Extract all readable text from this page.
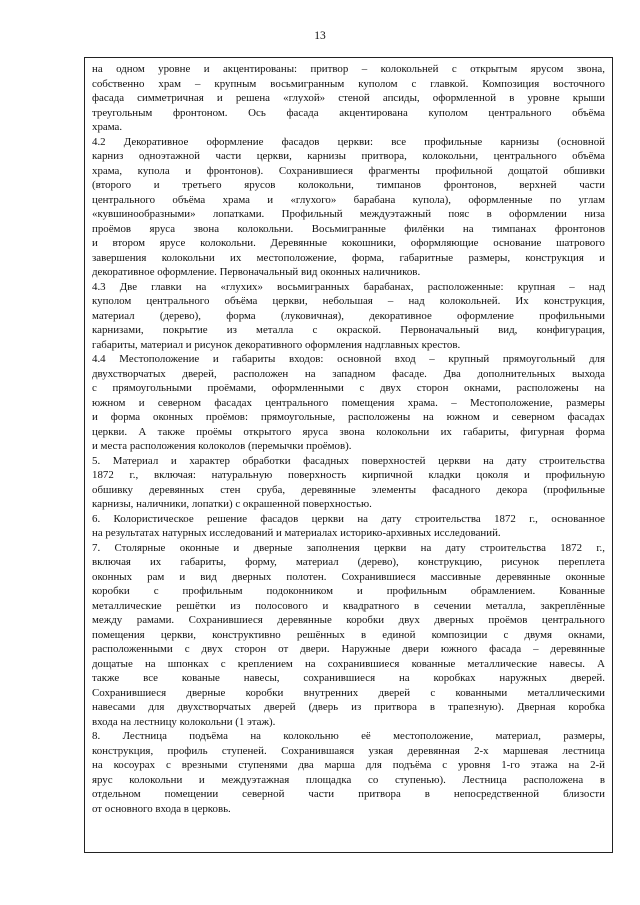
13
на одном уровне и акцентированы: притвор – колокольней с открытым ярусом звона,
собственно храм – крупным восьмигранным куполом с главкой. Композиция восточного
фасада симметричная и решена «глухой» стеной апсиды, оформленной в уровне крыши
треугольным фронтоном. Ось фасада акцентирована куполом центрального объёма
храма.
4.2 Декоративное оформление фасадов церкви: все профильные карнизы (основной
карниз одноэтажной части церкви, карнизы притвора, колокольни, центрального объёма
храма, купола и фронтонов). Сохранившиеся фрагменты профильной дощатой обшивки
(второго и третьего ярусов колокольни, тимпанов фронтонов, верхней части
центрального объёма храма и «глухого» барабана купола), оформленные по углам
«кувшинообразными» лопатками. Профильный междуэтажный пояс в оформлении низа
проёмов яруса звона колокольни. Восьмигранные филёнки на тимпанах фронтонов
и втором ярусе колокольни. Деревянные кокошники, оформляющие основание шатрового
завершения колокольни их местоположение, форма, габаритные размеры, конструкция и
декоративное оформление. Первоначальный вид оконных наличников.
4.3 Две главки на «глухих» восьмигранных барабанах, расположенные: крупная – над
куполом центрального объёма церкви, небольшая – над колокольней. Их конструкция,
материал (дерево), форма (луковичная), декоративное оформление профильными
карнизами, покрытие из металла с окраской. Первоначальный вид, конфигурация,
габариты, материал и рисунок декоративного оформления надглавных крестов.
4.4 Местоположение и габариты входов: основной вход – крупный прямоугольный для
двухстворчатых дверей, расположен на западном фасаде. Два дополнительных выхода
с прямоугольными проёмами, оформленными с двух сторон окнами, расположены на
южном и северном фасадах центрального помещения храма. – Местоположение, размеры
и форма оконных проёмов: прямоугольные, расположены на южном и северном фасадах
церкви. А также проёмы открытого яруса звона колокольни их габариты, фигурная форма
и места расположения колоколов (перемычки проёмов).
5. Материал и характер обработки фасадных поверхностей церкви на дату строительства
1872 г., включая: натуральную поверхность кирпичной кладки цоколя и профильную
обшивку деревянных стен сруба, деревянные элементы фасадного декора (профильные
карнизы, наличники, лопатки) с окрашенной поверхностью.
6. Колористическое решение фасадов церкви на дату строительства 1872 г., основанное
на результатах натурных исследований и материалах историко-архивных исследований.
7. Столярные оконные и дверные заполнения церкви на дату строительства 1872 г.,
включая их габариты, форму, материал (дерево), конструкцию, рисунок переплета
оконных рам и вид дверных полотен. Сохранившиеся массивные деревянные оконные
коробки с профильным подоконником и профильным обрамлением. Кованные
металлические решётки из полосового и квадратного в сечении металла, закреплённые
между рамами. Сохранившиеся деревянные коробки двух дверных проёмов центрального
помещения церкви, конструктивно решённых в единой композиции с двумя окнами,
расположенными с двух сторон от двери. Наружные двери южного фасада – деревянные
дощатые на шпонках с креплением на сохранившиеся кованные металлические навесы. А
также все кованые навесы, сохранившиеся на коробках наружных дверей.
Сохранившиеся дверные коробки внутренних дверей с кованными металлическими
навесами для двухстворчатых дверей (дверь из притвора в трапезную). Дверная коробка
входа на лестницу колокольни (1 этаж).
8. Лестница подъёма на колокольню её местоположение, материал, размеры,
конструкция, профиль ступеней. Сохранившаяся узкая деревянная 2-х маршевая лестница
на косоурах с врезными ступенями два марша для подъёма с уровня 1-го этажа на 2-й
ярус колокольни и междуэтажная площадка со ступенью). Лестница расположена в
отдельном помещении северной части притвора в непосредственной близости
от основного входа в церковь.
